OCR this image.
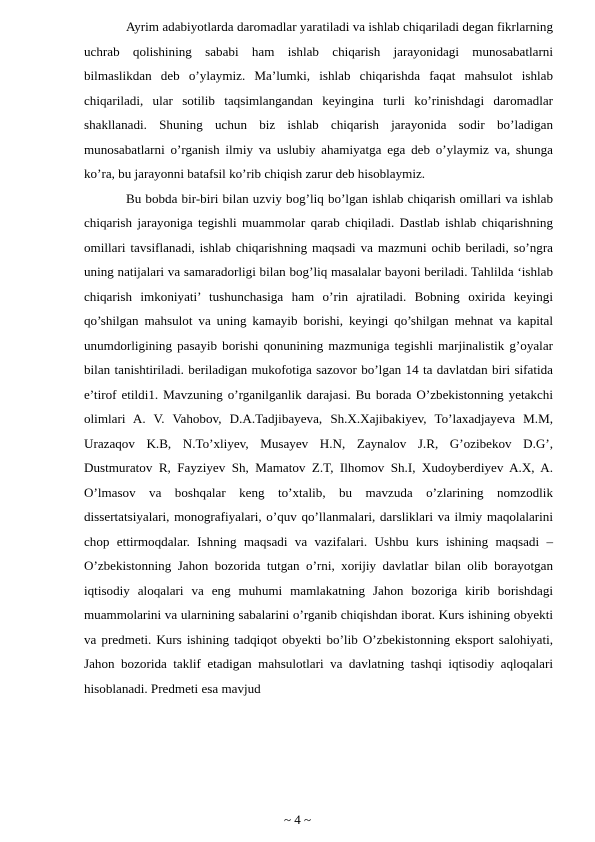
Ayrim adabiyotlarda daromadlar yaratiladi va ishlab chiqariladi degan fikrlarning uchrab qolishining sababi ham ishlab chiqarish jarayonidagi munosabatlarni bilmaslikdan deb o’ylaymiz. Ma’lumki, ishlab chiqarishda faqat mahsulot ishlab chiqariladi, ular sotilib taqsimlangandan keyingina turli ko’rinishdagi daromadlar shakllanadi. Shuning uchun biz ishlab chiqarish jarayonida sodir bo’ladigan munosabatlarni o’rganish ilmiy va uslubiy ahamiyatga ega deb o’ylaymiz va, shunga ko’ra, bu jarayonni batafsil ko’rib chiqish zarur deb hisoblaymiz.

Bu bobda bir-biri bilan uzviy bog’liq bo’lgan ishlab chiqarish omillari va ishlab chiqarish jarayoniga tegishli muammolar qarab chiqiladi. Dastlab ishlab chiqarishning omillari tavsiflanadi, ishlab chiqarishning maqsadi va mazmuni ochib beriladi, so’ngra uning natijalari va samaradorligi bilan bog’liq masalalar bayoni beriladi. Tahlilda ‘ishlab chiqarish imkoniyati’ tushunchasiga ham o’rin ajratiladi. Bobning oxirida keyingi qo’shilgan mahsulot va uning kamayib borishi, keyingi qo’shilgan mehnat va kapital unumdorligining pasayib borishi qonunining mazmuniga tegishli marjinalistik g’oyalar bilan tanishtiriladi. beriladigan mukofotiga sazovor bo’lgan 14 ta davlatdan biri sifatida e’tirof etildi1. Mavzuning o’rganilganlik darajasi. Bu borada O’zbekistonning yetakchi olimlari A. V. Vahobov, D.A.Tadjibayeva, Sh.X.Xajibakiyev, To’laxadjayeva M.M, Urazaqov K.B, N.To’xliyev, Musayev H.N, Zaynalov J.R, G’ozibekov D.G’, Dustmuratov R, Fayziyev Sh, Mamatov Z.T, Ilhomov Sh.I, Xudoyberdiyev A.X, A. O’lmasov va boshqalar keng to’xtalib, bu mavzuda o’zlarining nomzodlik dissertatsiyalari, monografiyalari, o’quv qo’llanmalari, darsliklari va ilmiy maqolalarini chop ettirmoqdalar. Ishning maqsadi va vazifalari. Ushbu kurs ishining maqsadi – O’zbekistonning Jahon bozorida tutgan o’rni, xorijiy davlatlar bilan olib borayotgan iqtisodiy aloqalari va eng muhumi mamlakatning Jahon bozoriga kirib borishdagi muammolarini va ularnining sabalarini o’rganib chiqishdan iborat. Kurs ishining obyekti va predmeti. Kurs ishining tadqiqot obyekti bo’lib O’zbekistonning eksport salohiyati, Jahon bozorida taklif etadigan mahsulotlari va davlatning tashqi iqtisodiy aqloqalari hisoblanadi. Predmeti esa mavjud

~ 4 ~
